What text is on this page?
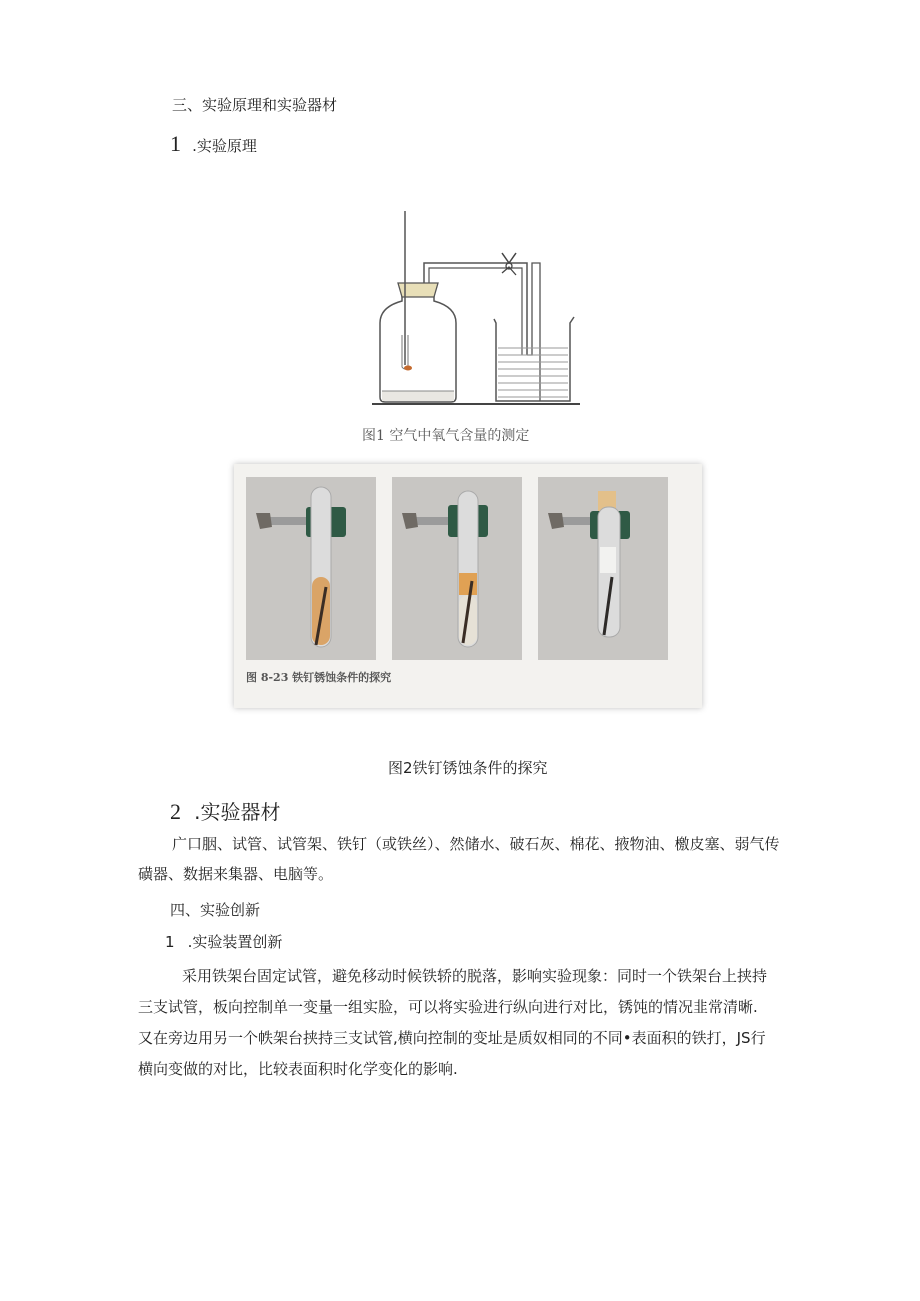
三、实验原理和实验器材
1 .实验原理
图1 空气中氧气含量的测定
图 8-23 铁钉锈蚀条件的探究
图2铁钉锈蚀条件的探究
2 .实验器材
广口胭、试管、试管架、铁钉（或铁丝）、然储水、破石灰、棉花、掖物油、檄皮塞、弱气传
磺器、数据来集器、电脑等。
四、实验创新
1 .实验装置创新
采用铁架台固定试管，避免移动时候铁轿的脱落，影响实验现象：同时一个铁架台上挟持
三支试管，板向控制单一变量一组实脸，可以将实验进行纵向进行对比，锈饨的情况韭常清晰.
又在旁边用另一个帙架台挟持三支试管,横向控制的变址是质奴相同的不同•表面积的铁打，JS行
横向变做的对比，比较表面积时化学变化的影响.
